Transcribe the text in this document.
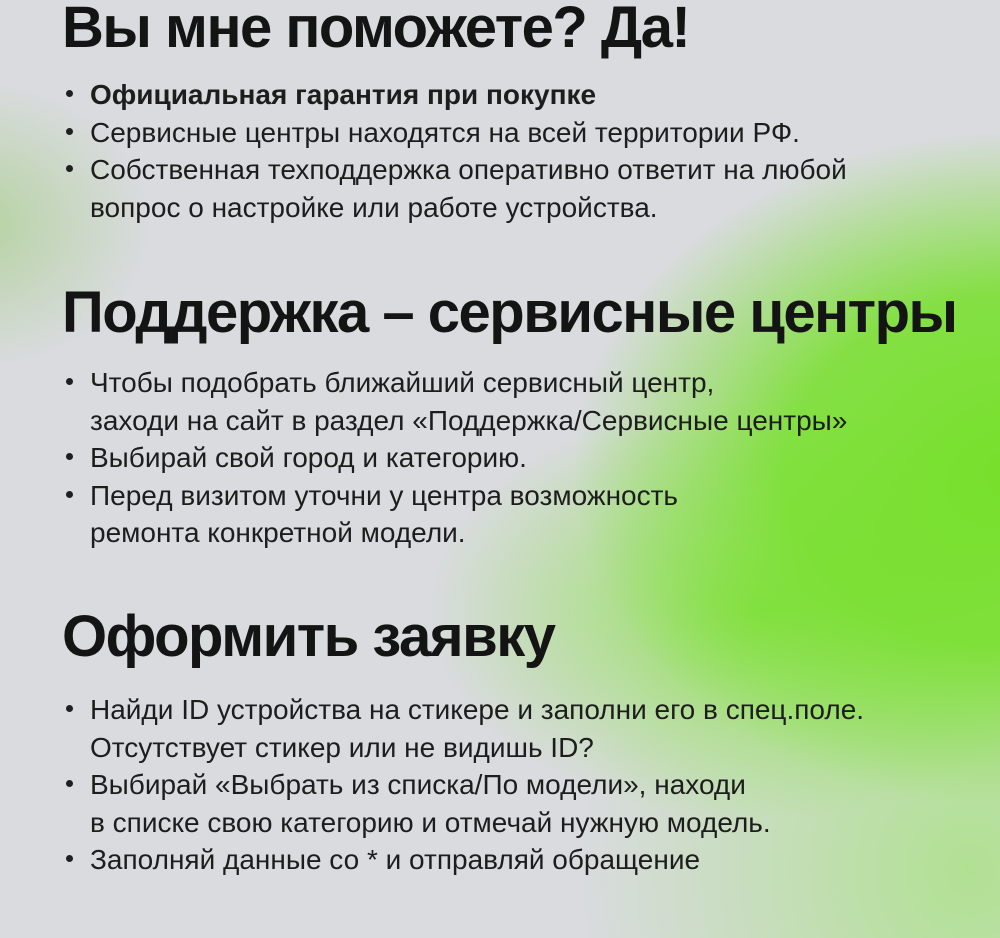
Вы мне поможете? Да!
Официальная гарантия при покупке
Сервисные центры находятся на всей территории РФ.
Собственная техподдержка оперативно ответит на любой
вопрос о настройке или работе устройства.
Поддержка – сервисные центры
Чтобы подобрать ближайший сервисный центр,
заходи на сайт в раздел «Поддержка/Сервисные центры»
Выбирай свой город и категорию.
Перед визитом уточни у центра возможность
ремонта конкретной модели.
Оформить заявку
Найди ID устройства на стикере и заполни его в спец.поле.
Отсутствует стикер или не видишь ID?
Выбирай «Выбрать из списка/По модели», находи
в списке свою категорию и отмечай нужную модель.
Заполняй данные со * и отправляй обращение
